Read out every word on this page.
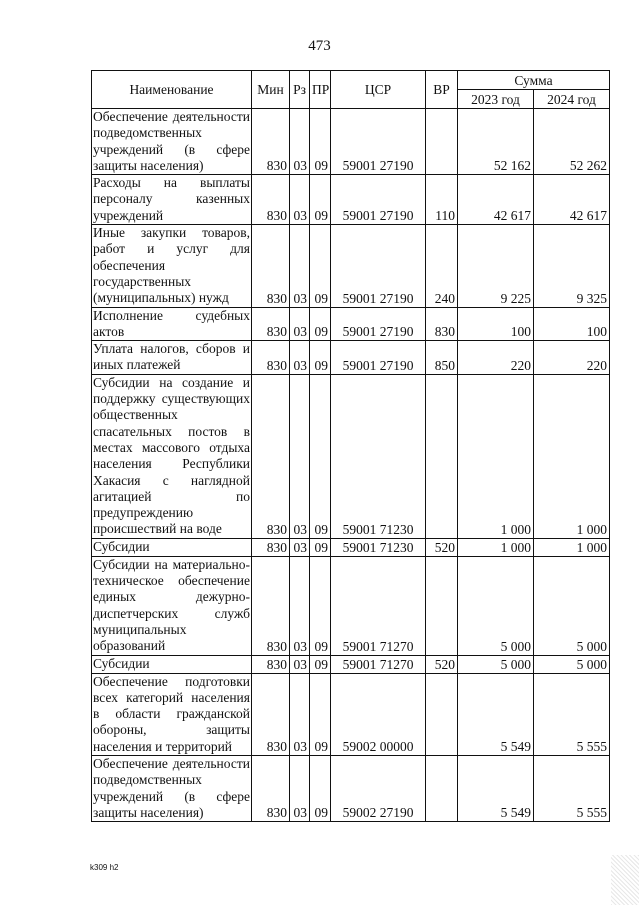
473
Наименование	Мин	Рз	ПР	ЦСР	ВР	Сумма	
						2023 год	2024 год
Обеспечение деятельности подведомственных учреждений (в сфере защиты населения)	830	03	09	59001 27190		52 162	52 262
Расходы на выплаты персоналу казенных учреждений	830	03	09	59001 27190	110	42 617	42 617
Иные закупки товаров, работ и услуг для обеспечения государственных (муниципальных) нужд	830	03	09	59001 27190	240	9 225	9 325
Исполнение судебных актов	830	03	09	59001 27190	830	100	100
Уплата налогов, сборов и иных платежей	830	03	09	59001 27190	850	220	220
Субсидии на создание и поддержку существующих общественных спасательных постов в местах массового отдыха населения Республики Хакасия с наглядной агитацией по предупреждению происшествий на воде	830	03	09	59001 71230		1 000	1 000
Субсидии	830	03	09	59001 71230	520	1 000	1 000
Субсидии на материально-техническое обеспечение единых дежурно-диспетчерских служб муниципальных образований	830	03	09	59001 71270		5 000	5 000
Субсидии	830	03	09	59001 71270	520	5 000	5 000
Обеспечение подготовки всех категорий населения в области гражданской обороны, защиты населения и территорий	830	03	09	59002 00000		5 549	5 555
Обеспечение деятельности подведомственных учреждений (в сфере защиты населения)	830	03	09	59002 27190		5 549	5 555
k309 h2
